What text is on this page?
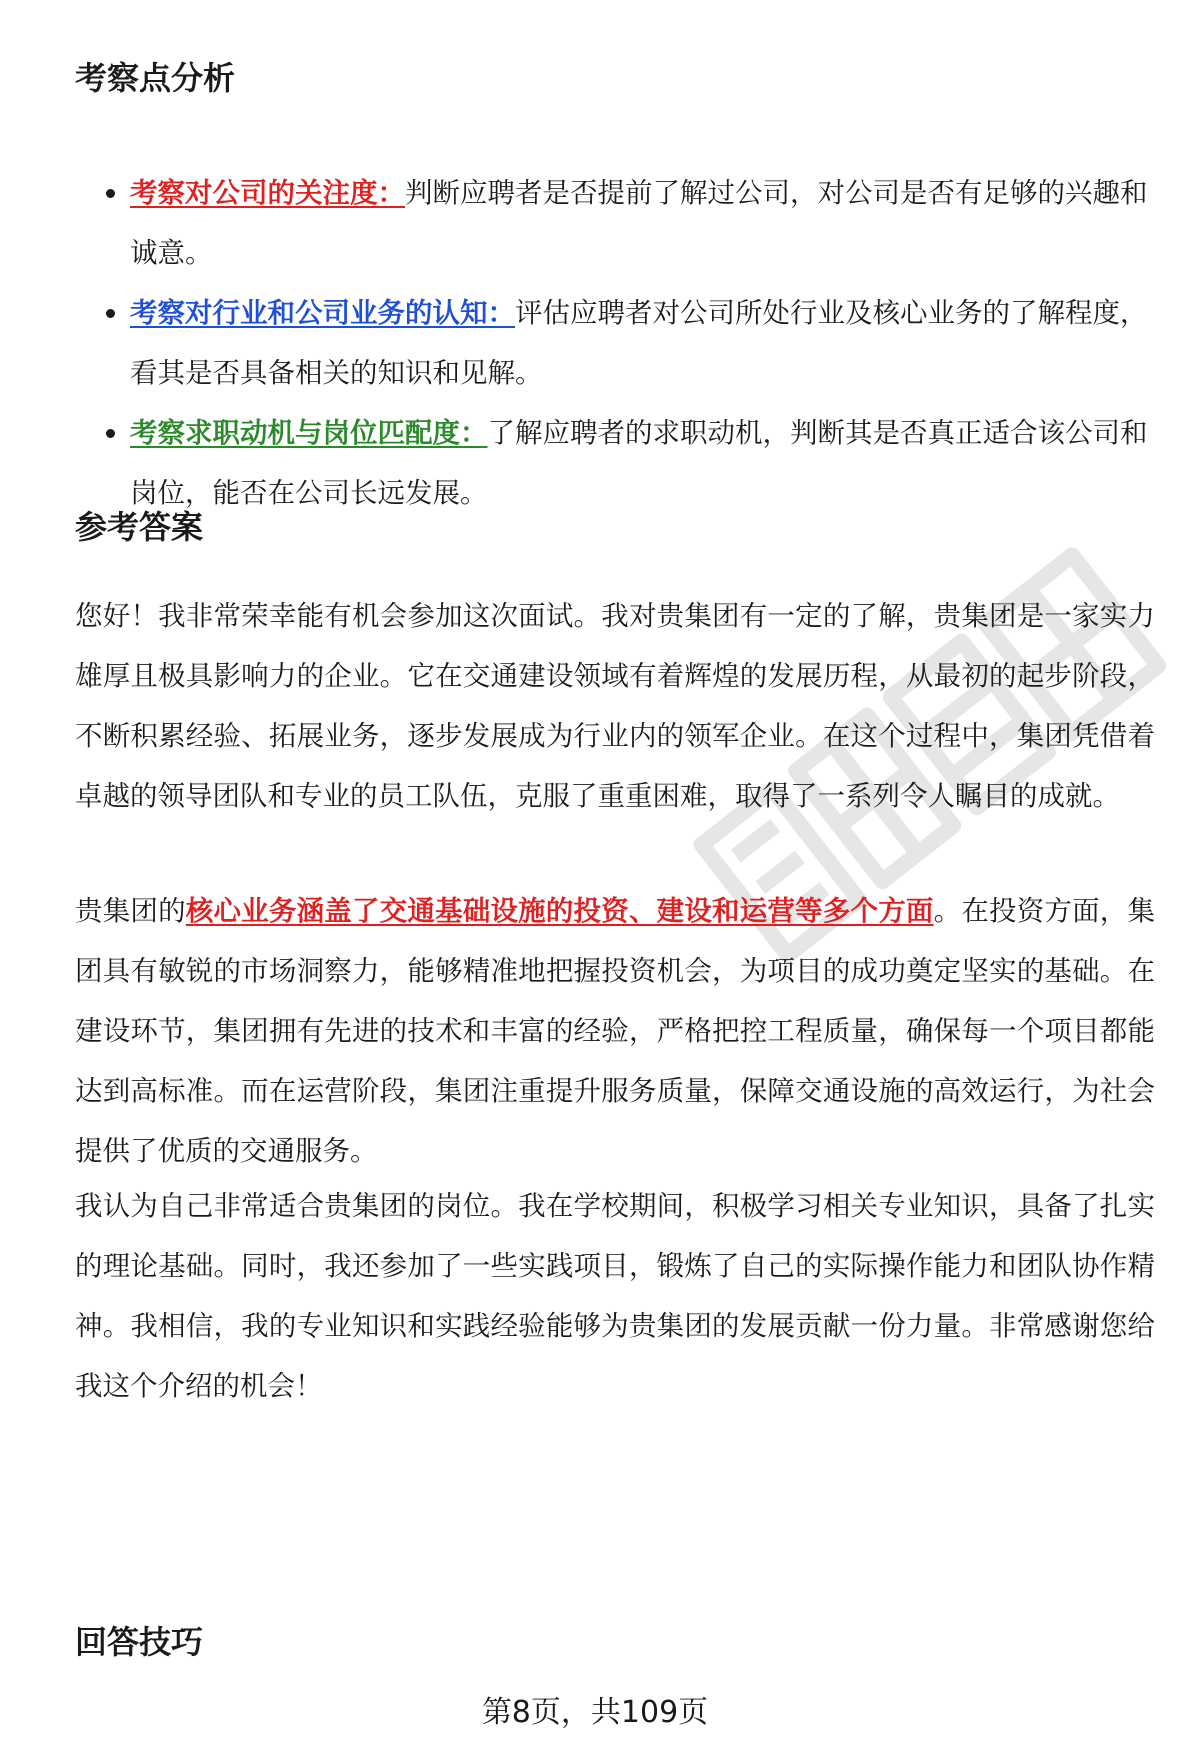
考察点分析
考察对公司的关注度：判断应聘者是否提前了解过公司，对公司是否有足够的兴趣和诚意。
考察对行业和公司业务的认知：评估应聘者对公司所处行业及核心业务的了解程度，看其是否具备相关的知识和见解。
考察求职动机与岗位匹配度：了解应聘者的求职动机，判断其是否真正适合该公司和岗位，能否在公司长远发展。
参考答案

您好！我非常荣幸能有机会参加这次面试。我对贵集团有一定的了解，贵集团是一家实力雄厚且极具影响力的企业。它在交通建设领域有着辉煌的发展历程，从最初的起步阶段，不断积累经验、拓展业务，逐步发展成为行业内的领军企业。在这个过程中，集团凭借着卓越的领导团队和专业的员工队伍，克服了重重困难，取得了一系列令人瞩目的成就。

贵集团的核心业务涵盖了交通基础设施的投资、建设和运营等多个方面。在投资方面，集团具有敏锐的市场洞察力，能够精准地把握投资机会，为项目的成功奠定坚实的基础。在建设环节，集团拥有先进的技术和丰富的经验，严格把控工程质量，确保每一个项目都能达到高标准。而在运营阶段，集团注重提升服务质量，保障交通设施的高效运行，为社会提供了优质的交通服务。

我认为自己非常适合贵集团的岗位。我在学校期间，积极学习相关专业知识，具备了扎实的理论基础。同时，我还参加了一些实践项目，锻炼了自己的实际操作能力和团队协作精神。我相信，我的专业知识和实践经验能够为贵集团的发展贡献一份力量。非常感谢您给我这个介绍的机会！

回答技巧
第8页，共109页
